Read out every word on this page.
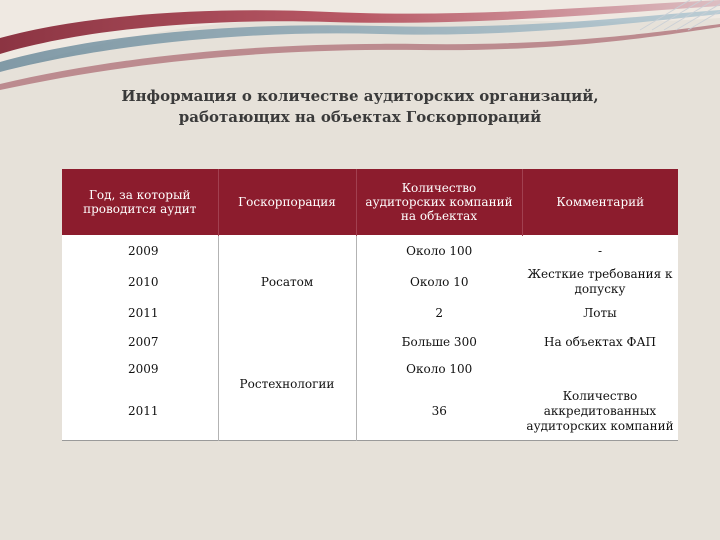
Информация о количестве аудиторских организаций,
работающих на объектах Госкорпораций
Год, за который проводится аудит	Госкорпорация	Количество аудиторских компаний на объектах	Комментарий
2009	Росатом	Около 100	-
2010		Около 10	Жесткие требования к допуску
2011		2	Лоты
2007	Ростехнологии	Больше 300	На объектах ФАП
2009		Около 100	
2011		36	Количество аккредитованных аудиторских компаний
